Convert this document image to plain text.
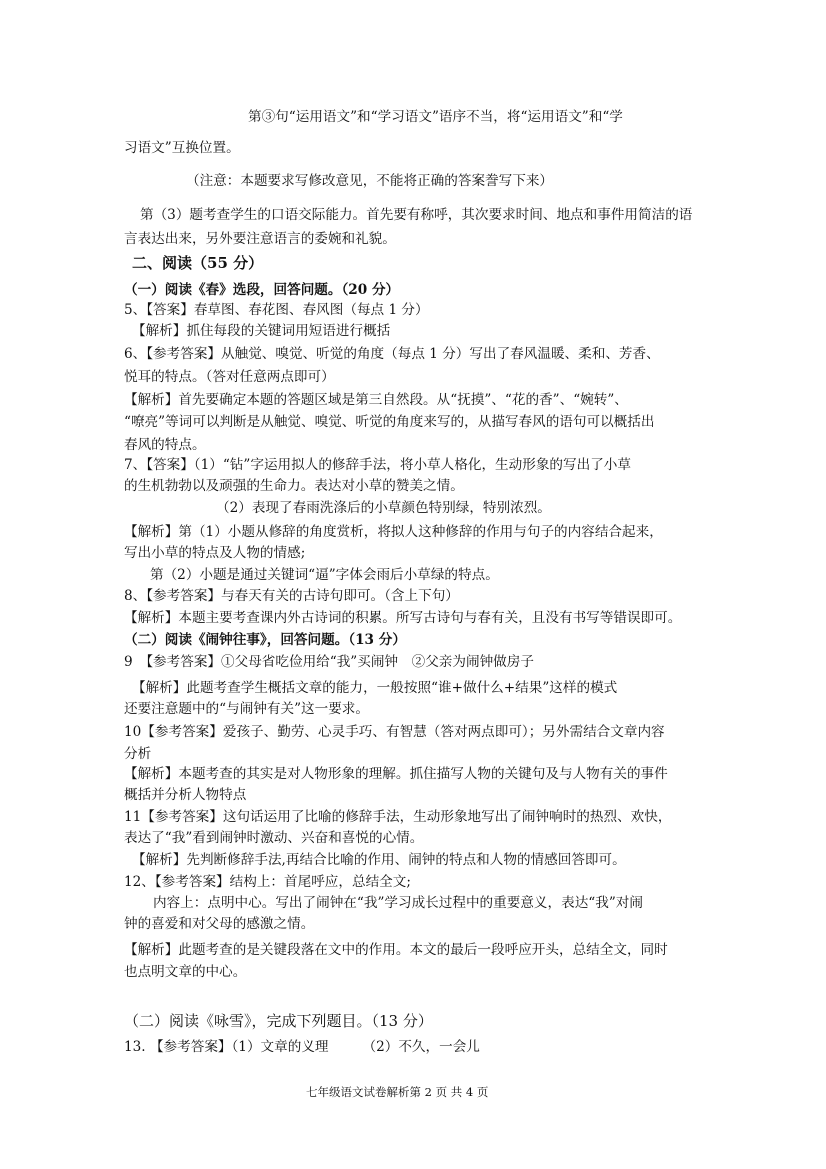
第③句“运用语文”和“学习语文”语序不当，将“运用语文”和“学
习语文”互换位置。
（注意：本题要求写修改意见，不能将正确的答案誊写下来）
第（3）题考查学生的口语交际能力。首先要有称呼，其次要求时间、地点和事件用简洁的语
言表达出来，另外要注意语言的委婉和礼貌。
二、阅读（55 分）
（一）阅读《春》选段，回答问题。（20 分）
5、【答案】春草图、春花图、春风图（每点 1 分）
【解析】抓住每段的关键词用短语进行概括
6、【参考答案】从触觉、嗅觉、听觉的角度（每点 1 分）写出了春风温暖、柔和、芳香、
悦耳的特点。（答对任意两点即可）
【解析】首先要确定本题的答题区域是第三自然段。从“抚摸”、“花的香”、“婉转”、
“嘹亮”等词可以判断是从触觉、嗅觉、听觉的角度来写的，从描写春风的语句可以概括出
春风的特点。
7、【答案】（1）“钻”字运用拟人的修辞手法，将小草人格化，生动形象的写出了小草
的生机勃勃以及顽强的生命力。表达对小草的赞美之情。
（2）表现了春雨洗涤后的小草颜色特别绿，特别浓烈。
【解析】第（1）小题从修辞的角度赏析，将拟人这种修辞的作用与句子的内容结合起来，
写出小草的特点及人物的情感;
第（2）小题是通过关键词“逼”字体会雨后小草绿的特点。
8、【参考答案】与春天有关的古诗句即可。（含上下句）
【解析】本题主要考查课内外古诗词的积累。所写古诗句与春有关，且没有书写等错误即可。
（二）阅读《闹钟往事》，回答问题。（13 分）
9　【参考答案】①父母省吃俭用给“我”买闹钟　②父亲为闹钟做房子
【解析】此题考查学生概括文章的能力，一般按照“谁+做什么+结果”这样的模式
还要注意题中的“与闹钟有关”这一要求。
10【参考答案】爱孩子、勤劳、心灵手巧、有智慧（答对两点即可）；另外需结合文章内容
分析
【解析】本题考查的其实是对人物形象的理解。抓住描写人物的关键句及与人物有关的事件
概括并分析人物特点
11【参考答案】这句话运用了比喻的修辞手法，生动形象地写出了闹钟响时的热烈、欢快，
表达了“我”看到闹钟时激动、兴奋和喜悦的心情。
【解析】先判断修辞手法,再结合比喻的作用、闹钟的特点和人物的情感回答即可。
12、【参考答案】结构上：首尾呼应，总结全文;
内容上：点明中心。写出了闹钟在“我”学习成长过程中的重要意义，表达“我”对闹
钟的喜爱和对父母的感激之情。
【解析】此题考查的是关键段落在文中的作用。本文的最后一段呼应开头，总结全文，同时
也点明文章的中心。
（二）阅读《咏雪》，完成下列题目。（13 分）
13. 【参考答案】（1）文章的义理　　　（2）不久，一会儿
七年级语文试卷解析第 2 页 共 4 页
